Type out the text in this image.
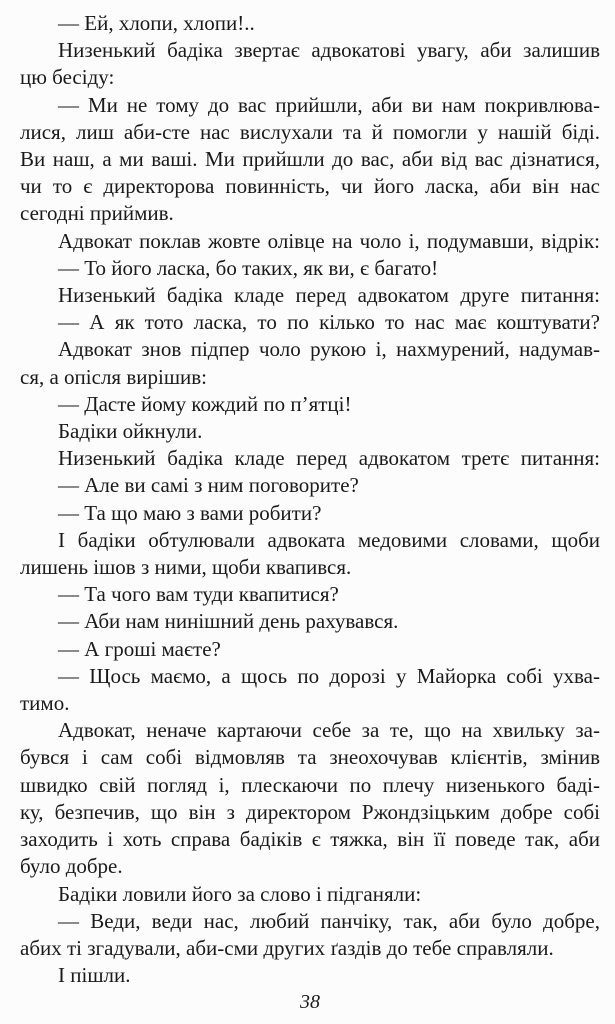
— Ей, хлопи, хлопи!..
Низенький бадіка звертає адвокатові увагу, аби залишив
цю бесіду:
— Ми не тому до вас прийшли, аби ви нам покривлюва-
лися, лиш аби-сте нас вислухали та й помогли у нашій біді.
Ви наш, а ми ваші. Ми прийшли до вас, аби від вас дізнатися,
чи то є директорова повинність, чи його ласка, аби він нас
сегодні приймив.
Адвокат поклав жовте олівце на чоло і, подумавши, відрік:
— То його ласка, бо таких, як ви, є багато!
Низенький бадіка кладе перед адвокатом друге питання:
— А як тото ласка, то по кілько то нас має коштувати?
Адвокат знов підпер чоло рукою і, нахмурений, надумав-
ся, а опісля вирішив:
— Дасте йому кождий по п’ятці!
Бадіки ойкнули.
Низенький бадіка кладе перед адвокатом третє питання:
— Але ви самі з ним поговорите?
— Та що маю з вами робити?
І бадіки обтулювали адвоката медовими словами, щоби
лишень ішов з ними, щоби квапився.
— Та чого вам туди квапитися?
— Аби нам нинішний день рахувався.
— А гроші маєте?
— Щось маємо, а щось по дорозі у Майорка собі ухва-
тимо.
Адвокат, неначе картаючи себе за те, що на хвильку за-
бувся і сам собі відмовляв та знеохочував клієнтів, змінив
швидко свій погляд і, плескаючи по плечу низенького баді-
ку, безпечив, що він з директором Ржондзіцьким добре собі
заходить і хоть справа бадіків є тяжка, він її поведе так, аби
було добре.
Бадіки ловили його за слово і підганяли:
— Веди, веди нас, любий панчіку, так, аби було добре,
абих ті згадували, аби-сми других ґаздів до тебе справляли.
І пішли.
38
